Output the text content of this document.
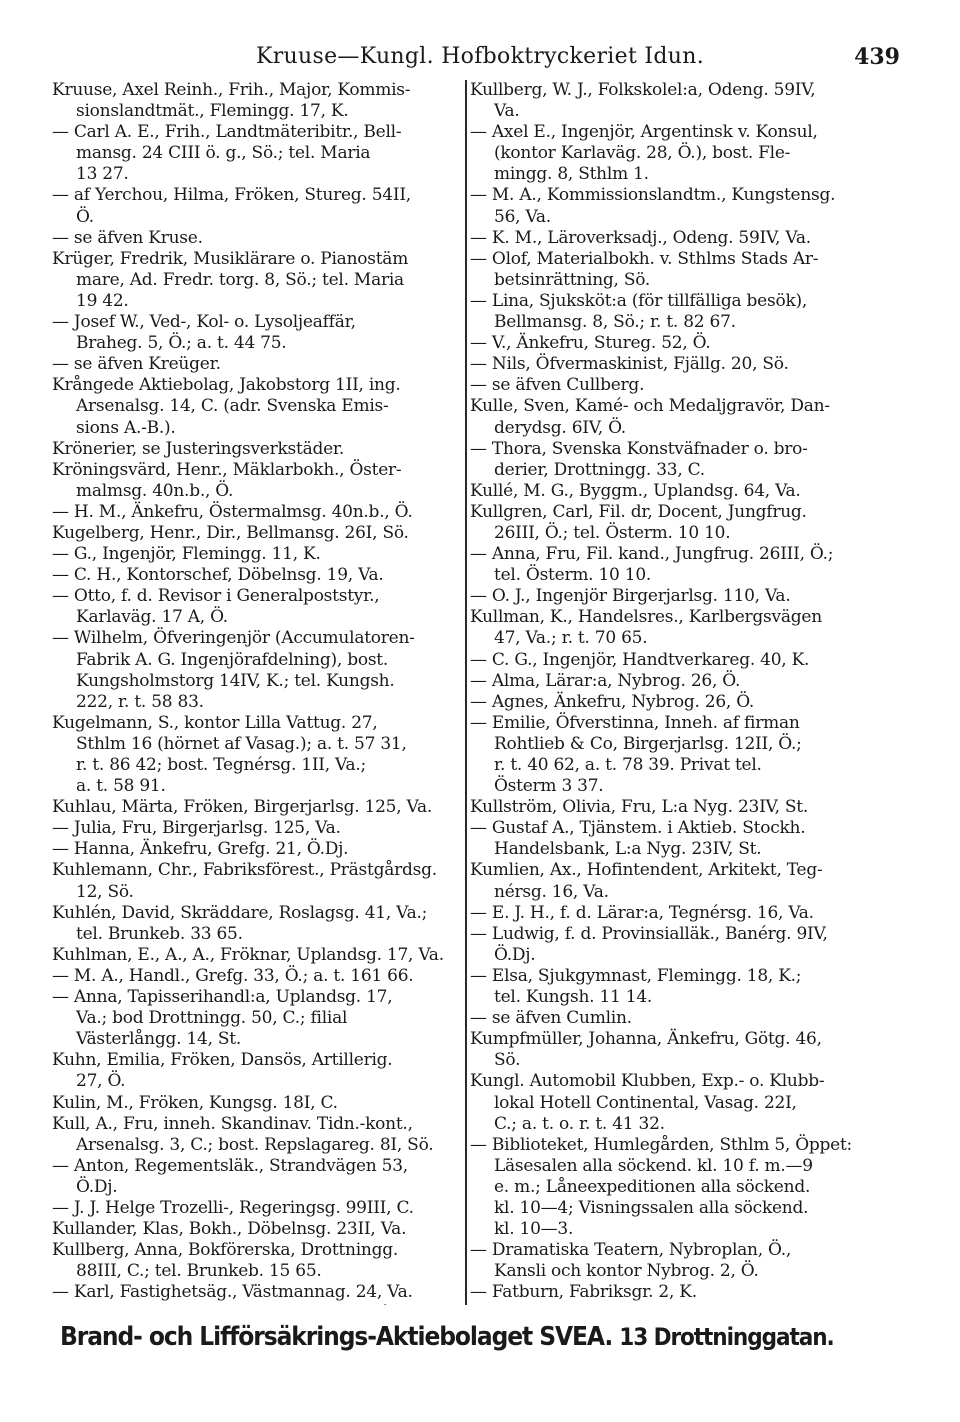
Kruuse—Kungl. Hofboktryckeriet Idun.	439
Kruuse, Axel Reinh., Frih., Major, Kommis-
sionslandtmät., Flemingg. 17, K.
— Carl A. E., Frih., Landtmäteribitr., Bell-
mansg. 24 CIII ö. g., Sö.; tel. Maria
13 27.
— af Yerchou, Hilma, Fröken, Stureg. 54II,
Ö.
— se äfven Kruse.
Krüger, Fredrik, Musiklärare o. Pianostäm
mare, Ad. Fredr. torg. 8, Sö.; tel. Maria
19 42.
— Josef W., Ved-, Kol- o. Lysoljeaffär,
Braheg. 5, Ö.; a. t. 44 75.
— se äfven Kreüger.
Krångede Aktiebolag, Jakobstorg 1II, ing.
Arsenalsg. 14, C. (adr. Svenska Emis-
sions A.-B.).
Krönerier, se Justeringsverkstäder.
Kröningsvärd, Henr., Mäklarbokh., Öster-
malmsg. 40n.b., Ö.
— H. M., Änkefru, Östermalmsg. 40n.b., Ö.
Kugelberg, Henr., Dir., Bellmansg. 26I, Sö.
— G., Ingenjör, Flemingg. 11, K.
— C. H., Kontorschef, Döbelnsg. 19, Va.
— Otto, f. d. Revisor i Generalpoststyr.,
Karlaväg. 17 A, Ö.
— Wilhelm, Öfveringenjör (Accumulatoren-
Fabrik A. G. Ingenjörafdelning), bost.
Kungsholmstorg 14IV, K.; tel. Kungsh.
222, r. t. 58 83.
Kugelmann, S., kontor Lilla Vattug. 27,
Sthlm 16 (hörnet af Vasag.); a. t. 57 31,
r. t. 86 42; bost. Tegnérsg. 1II, Va.;
a. t. 58 91.
Kuhlau, Märta, Fröken, Birgerjarlsg. 125, Va.
— Julia, Fru, Birgerjarlsg. 125, Va.
— Hanna, Änkefru, Grefg. 21, Ö.Dj.
Kuhlemann, Chr., Fabriksförest., Prästgårdsg.
12, Sö.
Kuhlén, David, Skräddare, Roslagsg. 41, Va.;
tel. Brunkeb. 33 65.
Kuhlman, E., A., A., Fröknar, Uplandsg. 17, Va.
— M. A., Handl., Grefg. 33, Ö.; a. t. 161 66.
— Anna, Tapisserihandl:a, Uplandsg. 17,
Va.; bod Drottningg. 50, C.; filial
Västerlångg. 14, St.
Kuhn, Emilia, Fröken, Dansös, Artillerig.
27, Ö.
Kulin, M., Fröken, Kungsg. 18I, C.
Kull, A., Fru, inneh. Skandinav. Tidn.-kont.,
Arsenalsg. 3, C.; bost. Repslagareg. 8I, Sö.
— Anton, Regementsläk., Strandvägen 53,
Ö.Dj.
— J. J. Helge Trozelli-, Regeringsg. 99III, C.
Kullander, Klas, Bokh., Döbelnsg. 23II, Va.
Kullberg, Anna, Bokförerska, Drottningg.
88III, C.; tel. Brunkeb. 15 65.
— Karl, Fastighetsäg., Västmannag. 24, Va.
Kullberg, W. J., Folkskolel:a, Odeng. 59IV,
Va.
— Axel E., Ingenjör, Argentinsk v. Konsul,
(kontor Karlaväg. 28, Ö.), bost. Fle-
mingg. 8, Sthlm 1.
— M. A., Kommissionslandtm., Kungstensg.
56, Va.
— K. M., Läroverksadj., Odeng. 59IV, Va.
— Olof, Materialbokh. v. Sthlms Stads Ar-
betsinrättning, Sö.
— Lina, Sjuksköt:a (för tillfälliga besök),
Bellmansg. 8, Sö.; r. t. 82 67.
— V., Änkefru, Stureg. 52, Ö.
— Nils, Öfvermaskinist, Fjällg. 20, Sö.
— se äfven Cullberg.
Kulle, Sven, Kamé- och Medaljgravör, Dan-
derydsg. 6IV, Ö.
— Thora, Svenska Konstväfnader o. bro-
derier, Drottningg. 33, C.
Kullé, M. G., Byggm., Uplandsg. 64, Va.
Kullgren, Carl, Fil. dr, Docent, Jungfrug.
26III, Ö.; tel. Österm. 10 10.
— Anna, Fru, Fil. kand., Jungfrug. 26III, Ö.;
tel. Österm. 10 10.
— O. J., Ingenjör Birgerjarlsg. 110, Va.
Kullman, K., Handelsres., Karlbergsvägen
47, Va.; r. t. 70 65.
— C. G., Ingenjör, Handtverkareg. 40, K.
— Alma, Lärar:a, Nybrog. 26, Ö.
— Agnes, Änkefru, Nybrog. 26, Ö.
— Emilie, Öfverstinna, Inneh. af firman
Rohtlieb & Co, Birgerjarlsg. 12II, Ö.;
r. t. 40 62, a. t. 78 39. Privat tel.
Österm 3 37.
Kullström, Olivia, Fru, L:a Nyg. 23IV, St.
— Gustaf A., Tjänstem. i Aktieb. Stockh.
Handelsbank, L:a Nyg. 23IV, St.
Kumlien, Ax., Hofintendent, Arkitekt, Teg-
nérsg. 16, Va.
— E. J. H., f. d. Lärar:a, Tegnérsg. 16, Va.
— Ludwig, f. d. Provinsialläk., Banérg. 9IV,
Ö.Dj.
— Elsa, Sjukgymnast, Flemingg. 18, K.;
tel. Kungsh. 11 14.
— se äfven Cumlin.
Kumpfmüller, Johanna, Änkefru, Götg. 46,
Sö.
Kungl. Automobil Klubben, Exp.- o. Klubb-
lokal Hotell Continental, Vasag. 22I,
C.; a. t. o. r. t. 41 32.
— Biblioteket, Humlegården, Sthlm 5, Öppet:
Läsesalen alla söckend. kl. 10 f. m.—9
e. m.; Låneexpeditionen alla söckend.
kl. 10—4; Visningssalen alla söckend.
kl. 10—3.
— Dramatiska Teatern, Nybroplan, Ö.,
Kansli och kontor Nybrog. 2, Ö.
— Fatburn, Fabriksgr. 2, K.
Brand- och Lifförsäkrings-Aktiebolaget SVEA. 13 Drottninggatan.
